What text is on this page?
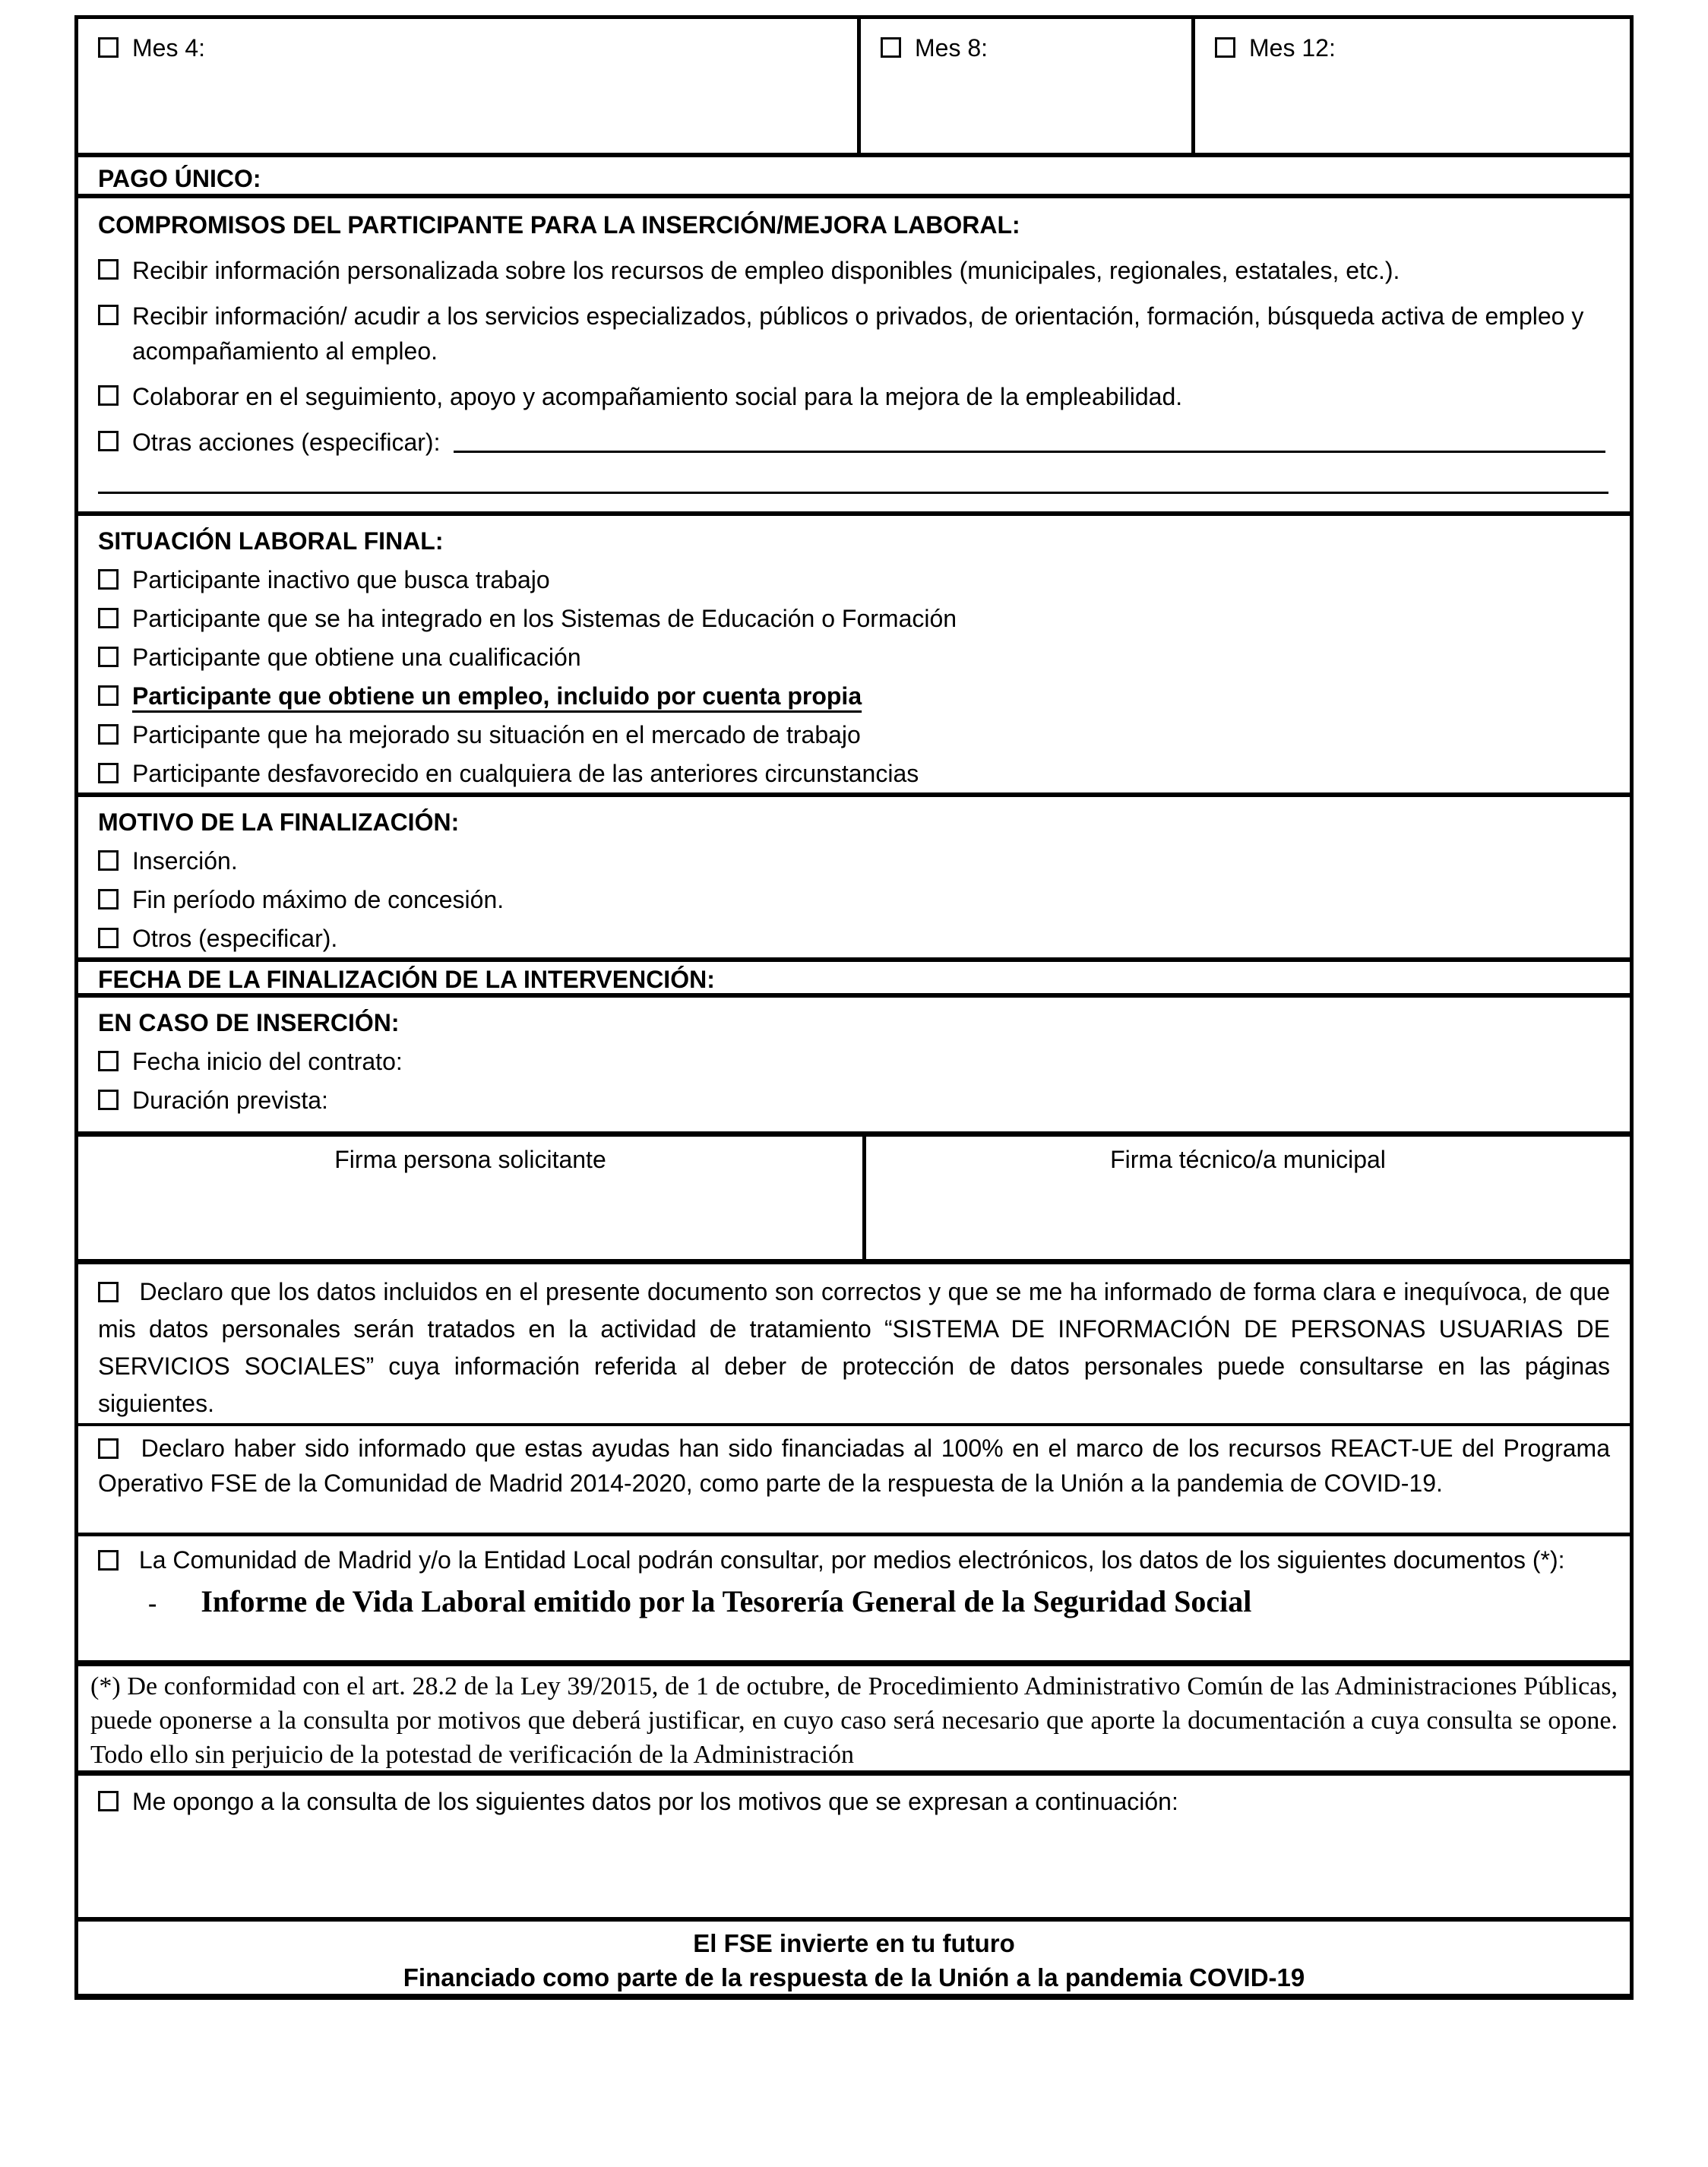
Mes 4:	Mes 8:	Mes 12:
PAGO ÚNICO:
COMPROMISOS DEL PARTICIPANTE PARA LA INSERCIÓN/MEJORA LABORAL:
Recibir información personalizada sobre los recursos de empleo disponibles (municipales, regionales, estatales, etc.).
Recibir información/ acudir a los servicios especializados, públicos o privados, de orientación, formación, búsqueda activa de empleo y acompañamiento al empleo.
Colaborar en el seguimiento, apoyo y acompañamiento social para la mejora de la empleabilidad.
Otras acciones (especificar):
SITUACIÓN LABORAL FINAL:
Participante inactivo que busca trabajo
Participante que se ha integrado en los Sistemas de Educación o Formación
Participante que obtiene una cualificación
Participante que obtiene un empleo, incluido por cuenta propia
Participante que ha mejorado su situación en el mercado de trabajo
Participante desfavorecido en cualquiera de las anteriores circunstancias
MOTIVO DE LA FINALIZACIÓN:
Inserción.
Fin período máximo de concesión.
Otros (especificar).
FECHA DE LA FINALIZACIÓN DE LA INTERVENCIÓN:
EN CASO DE INSERCIÓN:
Fecha inicio del contrato:
Duración prevista:
Firma persona solicitante	Firma técnico/a municipal

Declaro que los datos incluidos en el presente documento son correctos y que se me ha informado de forma clara e inequívoca, de que mis datos personales serán tratados en la actividad de tratamiento “SISTEMA DE INFORMACIÓN DE PERSONAS USUARIAS DE SERVICIOS SOCIALES” cuya información referida al deber de protección de datos personales puede consultarse en las páginas siguientes.

Declaro haber sido informado que estas ayudas han sido financiadas al 100% en el marco de los recursos REACT-UE del Programa Operativo FSE de la Comunidad de Madrid 2014-2020, como parte de la respuesta de la Unión a la pandemia de COVID-19.

La Comunidad de Madrid y/o la Entidad Local podrán consultar, por medios electrónicos, los datos de los siguientes documentos (*):

- Informe de Vida Laboral emitido por la Tesorería General de la Seguridad Social

(*) De conformidad con el art. 28.2 de la Ley 39/2015, de 1 de octubre, de Procedimiento Administrativo Común de las Administraciones Públicas, puede oponerse a la consulta por motivos que deberá justificar, en cuyo caso será necesario que aporte la documentación a cuya consulta se opone. Todo ello sin perjuicio de la potestad de verificación de la Administración

Me opongo a la consulta de los siguientes datos por los motivos que se expresan a continuación:
El FSE invierte en tu futuro
Financiado como parte de la respuesta de la Unión a la pandemia COVID-19
